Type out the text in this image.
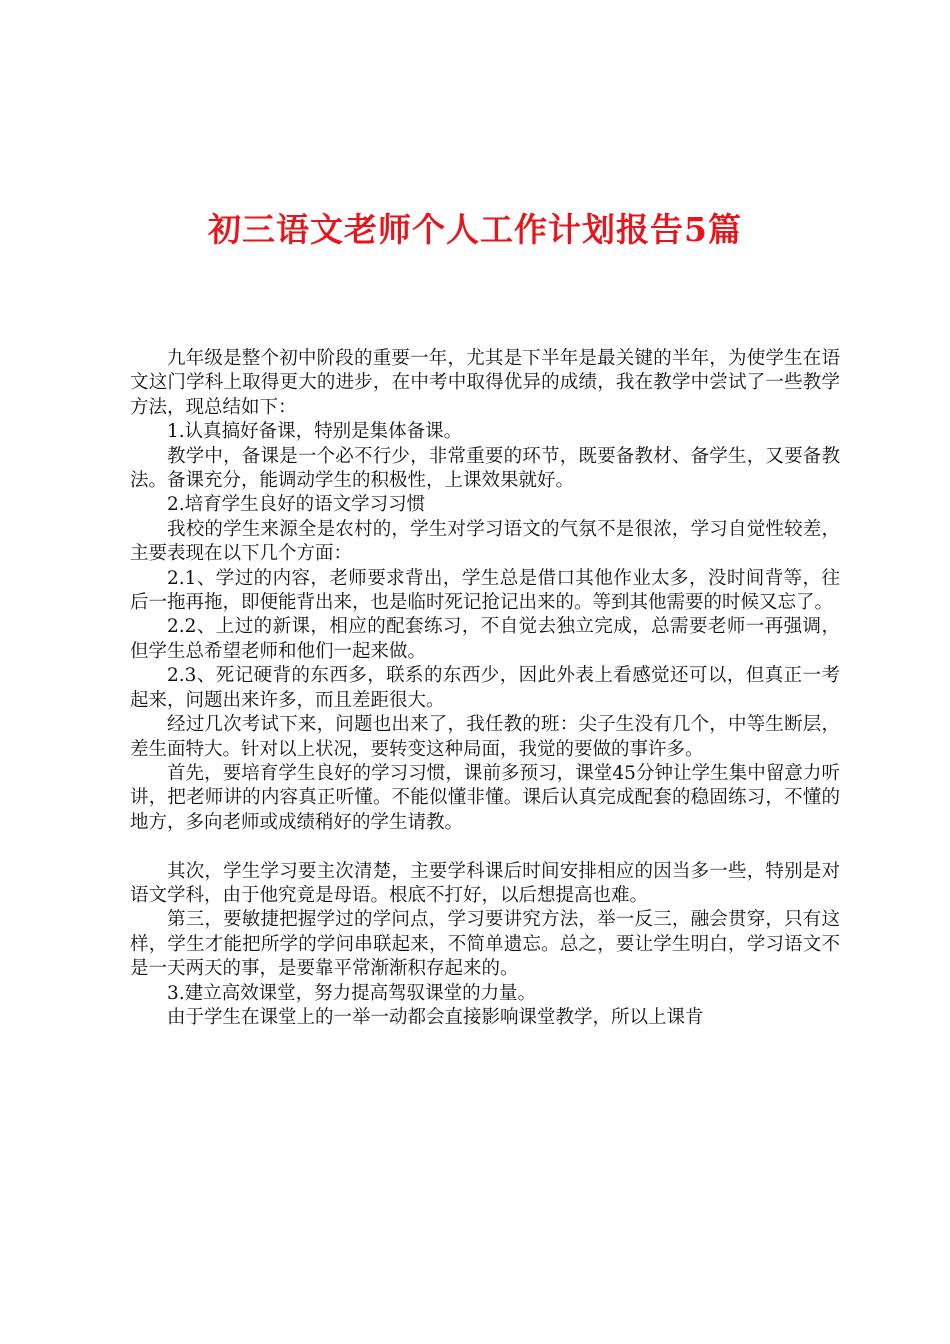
初三语文老师个人工作计划报告5篇

九年级是整个初中阶段的重要一年，尤其是下半年是最关键的半年，为使学生在语文这门学科上取得更大的进步，在中考中取得优异的成绩，我在教学中尝试了一些教学方法，现总结如下：

1.认真搞好备课，特别是集体备课。

教学中，备课是一个必不行少，非常重要的环节，既要备教材、备学生，又要备教法。备课充分，能调动学生的积极性，上课效果就好。

2.培育学生良好的语文学习习惯

我校的学生来源全是农村的，学生对学习语文的气氛不是很浓，学习自觉性较差，主要表现在以下几个方面：

2.1、学过的内容，老师要求背出，学生总是借口其他作业太多，没时间背等，往后一拖再拖，即便能背出来，也是临时死记抢记出来的。等到其他需要的时候又忘了。

2.2、上过的新课，相应的配套练习，不自觉去独立完成，总需要老师一再强调，但学生总希望老师和他们一起来做。

2.3、死记硬背的东西多，联系的东西少，因此外表上看感觉还可以，但真正一考起来，问题出来许多，而且差距很大。

经过几次考试下来，问题也出来了，我任教的班：尖子生没有几个，中等生断层，差生面特大。针对以上状况，要转变这种局面，我觉的要做的事许多。

首先，要培育学生良好的学习习惯，课前多预习，课堂45分钟让学生集中留意力听讲，把老师讲的内容真正听懂。不能似懂非懂。课后认真完成配套的稳固练习，不懂的地方，多向老师或成绩稍好的学生请教。

其次，学生学习要主次清楚，主要学科课后时间安排相应的因当多一些，特别是对语文学科，由于他究竟是母语。根底不打好，以后想提高也难。

第三，要敏捷把握学过的学问点，学习要讲究方法，举一反三，融会贯穿，只有这样，学生才能把所学的学问串联起来，不简单遗忘。总之，要让学生明白，学习语文不是一天两天的事，是要靠平常渐渐积存起来的。

3.建立高效课堂，努力提高驾驭课堂的力量。

由于学生在课堂上的一举一动都会直接影响课堂教学，所以上课肯
